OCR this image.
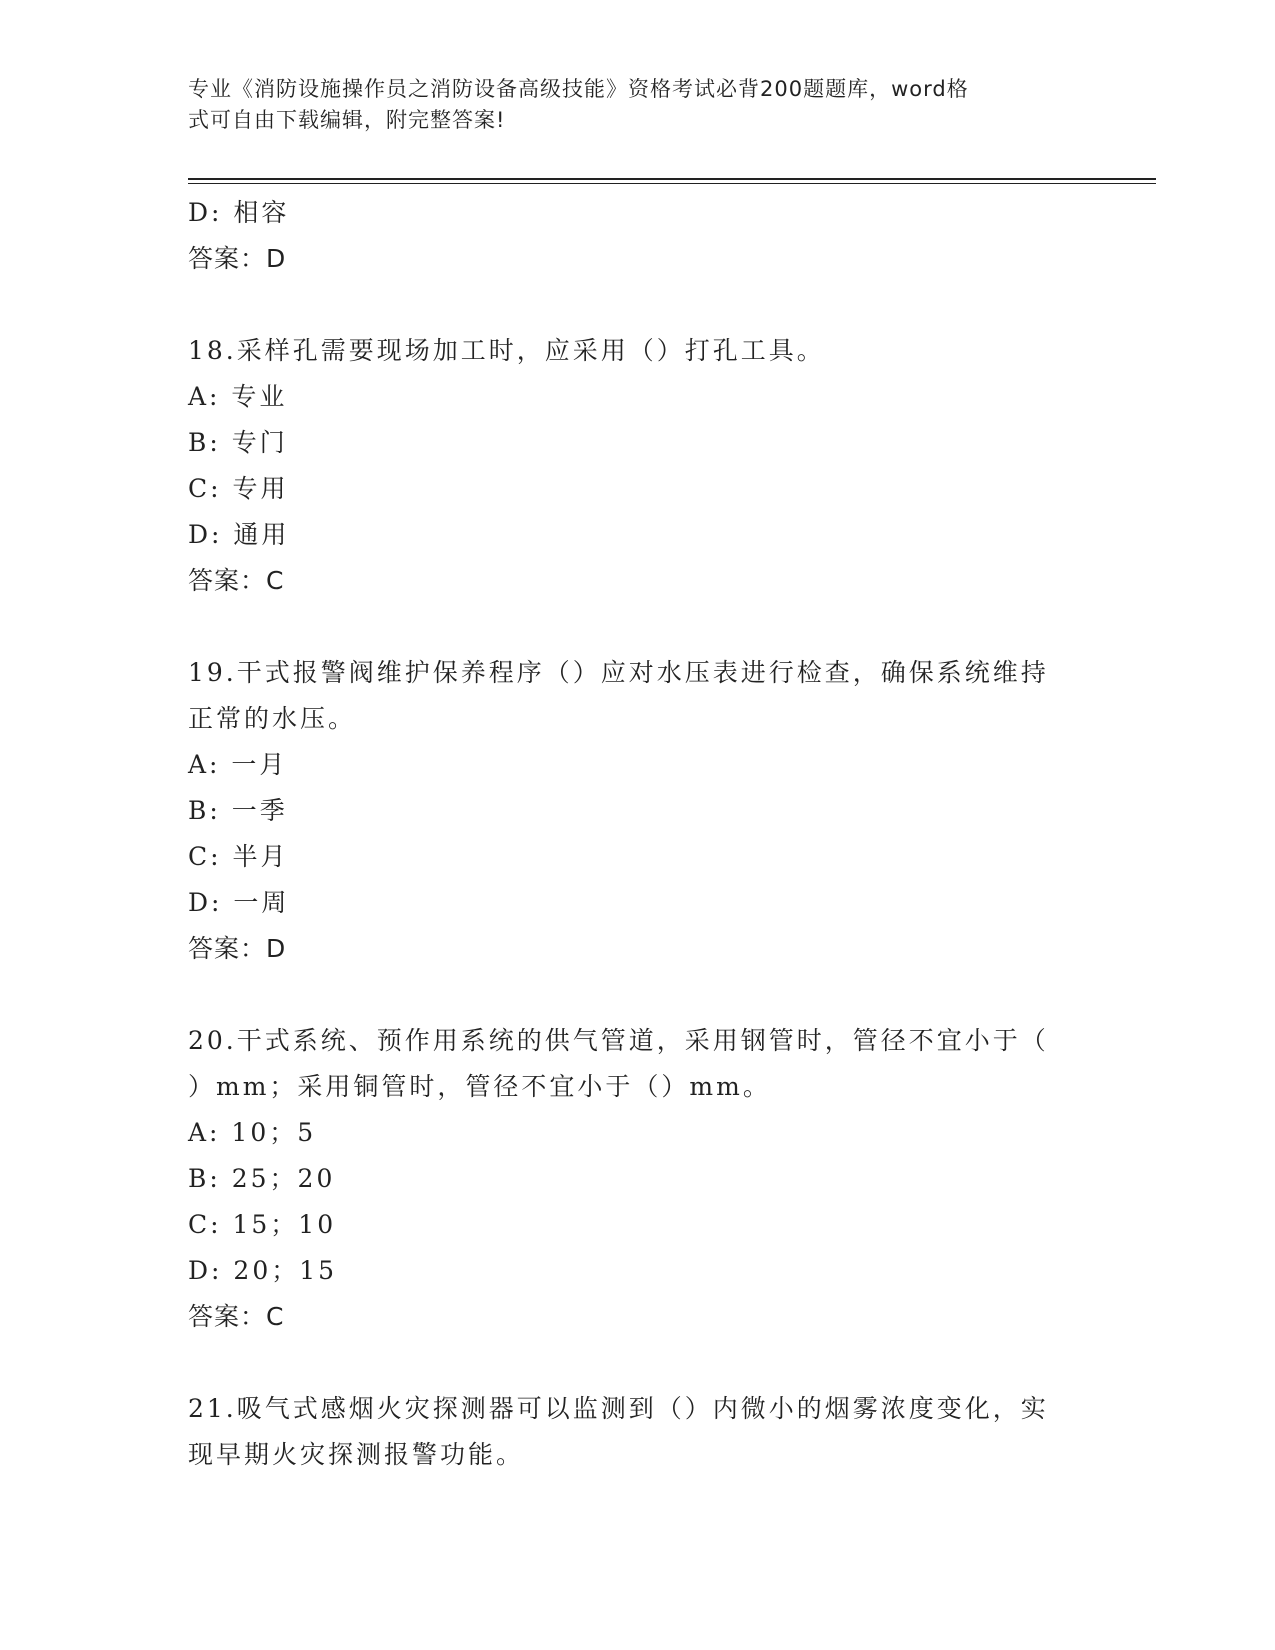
专业《消防设施操作员之消防设备高级技能》资格考试必背200题题库，word格
式可自由下载编辑，附完整答案!
D: 相容
答案：D
18.采样孔需要现场加工时，应采用（）打孔工具。
A: 专业
B: 专门
C: 专用
D: 通用
答案：C
19.干式报警阀维护保养程序（）应对水压表进行检查，确保系统维持
正常的水压。
A: 一月
B: 一季
C: 半月
D: 一周
答案：D
20.干式系统、预作用系统的供气管道，采用钢管时，管径不宜小于（
）mm；采用铜管时，管径不宜小于（）mm。
A: 10；5
B: 25；20
C: 15；10
D: 20；15
答案：C
21.吸气式感烟火灾探测器可以监测到（）内微小的烟雾浓度变化，实
现早期火灾探测报警功能。
